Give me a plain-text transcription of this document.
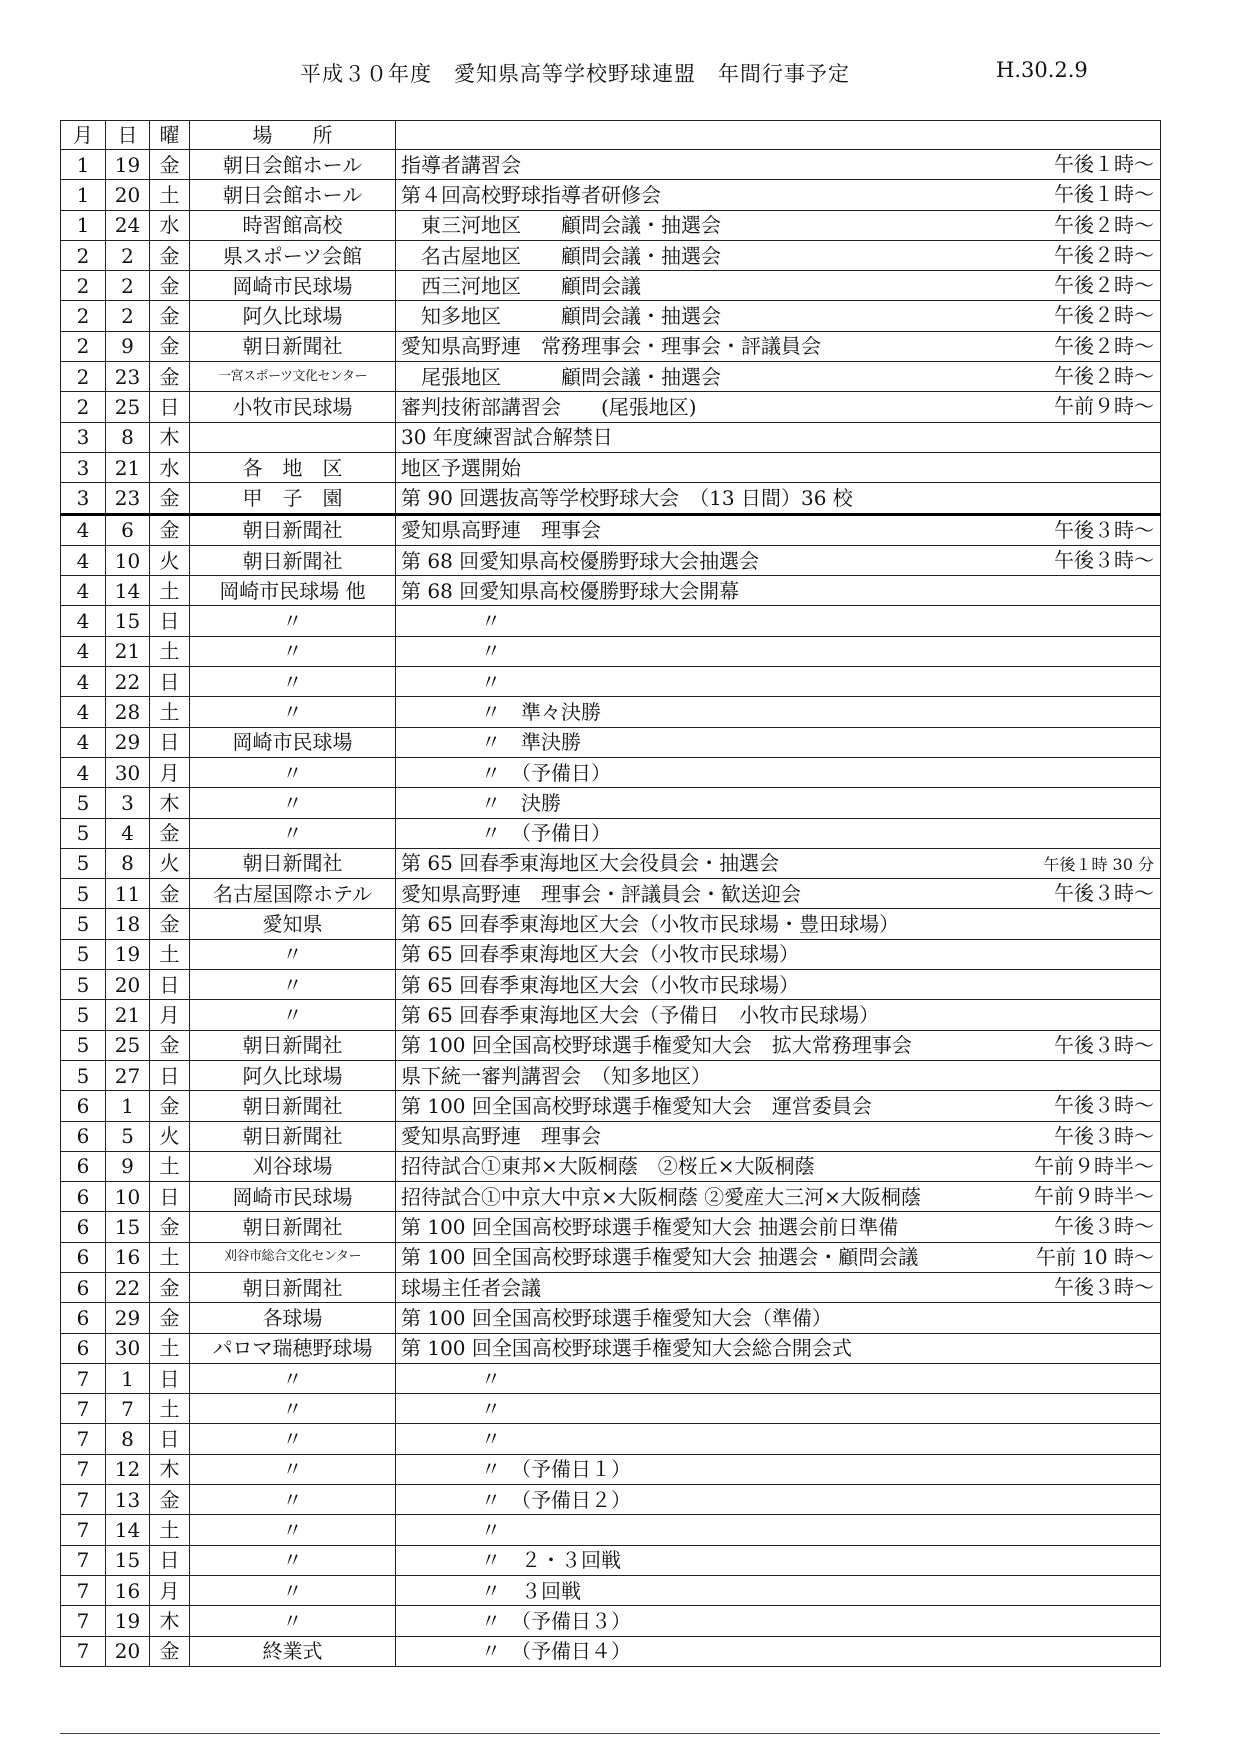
平成３０年度　愛知県高等学校野球連盟　年間行事予定	H.30.2.9
月	日	曜	場　　所	
1	19	金	朝日会館ホール	指導者講習会 午後１時～

1	20	土	朝日会館ホール	第４回高校野球指導者研修会 午後１時～

1	24	水	時習館高校	　東三河地区　　顧問会議・抽選会 午後２時～

2	2	金	県スポーツ会館	　名古屋地区　　顧問会議・抽選会 午後２時～

2	2	金	岡崎市民球場	　西三河地区　　顧問会議 午後２時～

2	2	金	阿久比球場	　知多地区　　　顧問会議・抽選会 午後２時～

2	9	金	朝日新聞社	愛知県高野連　常務理事会・理事会・評議員会 午後２時～

2	23	金	一宮スポーツ文化センター	　尾張地区　　　顧問会議・抽選会 午後２時～

2	25	日	小牧市民球場	審判技術部講習会　　(尾張地区) 午前９時～

3	8	木		30 年度練習試合解禁日
3	21	水	各　地　区	地区予選開始
3	23	金	甲　子　園	第 90 回選抜高等学校野球大会　（13 日間）36 校
4	6	金	朝日新聞社	愛知県高野連　理事会 午後３時～

4	10	火	朝日新聞社	第 68 回愛知県高校優勝野球大会抽選会 午後３時～

4	14	土	岡崎市民球場 他	第 68 回愛知県高校優勝野球大会開幕
4	15	日	〃	　　　　〃
4	21	土	〃	　　　　〃
4	22	日	〃	　　　　〃
4	28	土	〃	　　　　〃　準々決勝
4	29	日	岡崎市民球場	　　　　〃　準決勝
4	30	月	〃	　　　　〃　（予備日）
5	3	木	〃	　　　　〃　決勝
5	4	金	〃	　　　　〃　（予備日）
5	8	火	朝日新聞社	第 65 回春季東海地区大会役員会・抽選会 午後１時 30 分

5	11	金	名古屋国際ホテル	愛知県高野連　理事会・評議員会・歓送迎会 午後３時～

5	18	金	愛知県	第 65 回春季東海地区大会（小牧市民球場・豊田球場）
5	19	土	〃	第 65 回春季東海地区大会（小牧市民球場）
5	20	日	〃	第 65 回春季東海地区大会（小牧市民球場）
5	21	月	〃	第 65 回春季東海地区大会（予備日　小牧市民球場）
5	25	金	朝日新聞社	第 100 回全国高校野球選手権愛知大会　拡大常務理事会 午後３時～

5	27	日	阿久比球場	県下統一審判講習会　（知多地区）
6	1	金	朝日新聞社	第 100 回全国高校野球選手権愛知大会　運営委員会 午後３時～

6	5	火	朝日新聞社	愛知県高野連　理事会 午後３時～

6	9	土	刈谷球場	招待試合①東邦×大阪桐蔭　②桜丘×大阪桐蔭 午前９時半～

6	10	日	岡崎市民球場	招待試合①中京大中京×大阪桐蔭 ②愛産大三河×大阪桐蔭 午前９時半～

6	15	金	朝日新聞社	第 100 回全国高校野球選手権愛知大会 抽選会前日準備 午後３時～

6	16	土	刈谷市総合文化センター	第 100 回全国高校野球選手権愛知大会 抽選会・顧問会議 午前 10 時～

6	22	金	朝日新聞社	球場主任者会議 午後３時～

6	29	金	各球場	第 100 回全国高校野球選手権愛知大会（準備）
6	30	土	パロマ瑞穂野球場	第 100 回全国高校野球選手権愛知大会総合開会式
7	1	日	〃	　　　　〃
7	7	土	〃	　　　　〃
7	8	日	〃	　　　　〃
7	12	木	〃	　　　　〃　（予備日１）
7	13	金	〃	　　　　〃　（予備日２）
7	14	土	〃	　　　　〃
7	15	日	〃	　　　　〃　２・３回戦
7	16	月	〃	　　　　〃　３回戦
7	19	木	〃	　　　　〃　（予備日３）
7	20	金	終業式	　　　　〃　（予備日４）
